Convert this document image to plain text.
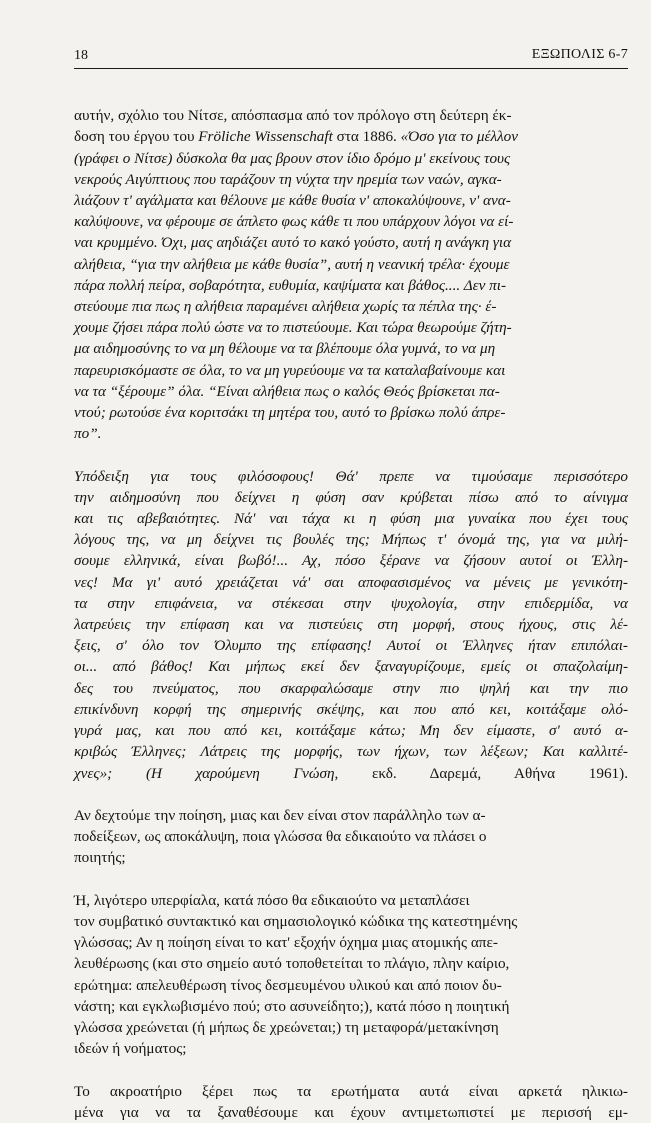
18	ΕΞΩΠΟΛΙΣ 6-7

αυτήν, σχόλιο του Νίτσε, απόσπασμα από τον πρόλογο στη δεύτερη έκ-
δοση του έργου του Fröliche Wissenschaft στα 1886. «Όσο για το μέλλον
(γράφει ο Νίτσε) δύσκολα θα μας βρουν στον ίδιο δρόμο μ' εκείνους τους
νεκρούς Αιγύπτιους που ταράζουν τη νύχτα την ηρεμία των ναών, αγκα-
λιάζουν τ' αγάλματα και θέλουνε με κάθε θυσία ν' αποκαλύψουνε, ν' ανα-
καλύψουνε, να φέρουμε σε άπλετο φως κάθε τι που υπάρχουν λόγοι να εί-
ναι κρυμμένο. Όχι, μας αηδιάζει αυτό το κακό γούστο, αυτή η ανάγκη για
αλήθεια, “για την αλήθεια με κάθε θυσία”, αυτή η νεανική τρέλα· έχουμε
πάρα πολλή πείρα, σοβαρότητα, ευθυμία, καψίματα και βάθος.... Δεν πι-
στεύουμε πια πως η αλήθεια παραμένει αλήθεια χωρίς τα πέπλα της· έ-
χουμε ζήσει πάρα πολύ ώστε να το πιστεύουμε. Και τώρα θεωρούμε ζήτη-
μα αιδημοσύνης το να μη θέλουμε να τα βλέπουμε όλα γυμνά, το να μη
παρευρισκόμαστε σε όλα, το να μη γυρεύουμε να τα καταλαβαίνουμε και
να τα “ξέρουμε” όλα. “Είναι αλήθεια πως ο καλός Θεός βρίσκεται πα-
ντού; ρωτούσε ένα κοριτσάκι τη μητέρα του, αυτό το βρίσκω πολύ άπρε-
πο”.

Υπόδειξη για τους φιλόσοφους! Θά' πρεπε να τιμούσαμε περισσότερο
την αιδημοσύνη που δείχνει η φύση σαν κρύβεται πίσω από το αίνιγμα
και τις αβεβαιότητες. Νά' ναι τάχα κι η φύση μια γυναίκα που έχει τους
λόγους της, να μη δείχνει τις βουλές της; Μήπως τ' όνομά της, για να μιλή-
σουμε ελληνικά, είναι βωβό!... Αχ, πόσο ξέρανε να ζήσουν αυτοί οι Έλλη-
νες! Μα γι' αυτό χρειάζεται νά' σαι αποφασισμένος να μένεις με γενικότη-
τα στην επιφάνεια, να στέκεσαι στην ψυχολογία, στην επιδερμίδα, να
λατρεύεις την επίφαση και να πιστεύεις στη μορφή, στους ήχους, στις λέ-
ξεις, σ' όλο τον Όλυμπο της επίφασης! Αυτοί οι Έλληνες ήταν επιπόλαι-
οι... από βάθος! Και μήπως εκεί δεν ξαναγυρίζουμε, εμείς οι σπαζολαίμη-
δες του πνεύματος, που σκαρφαλώσαμε στην πιο ψηλή και την πιο
επικίνδυνη κορφή της σημερινής σκέψης, και που από κει, κοιτάξαμε ολό-
γυρά μας, και που από κει, κοιτάξαμε κάτω; Μη δεν είμαστε, σ' αυτό α-
κριβώς Έλληνες; Λάτρεις της μορφής, των ήχων, των λέξεων; Και καλλιτέ-
χνες»; (Η χαρούμενη Γνώση, εκδ. Δαρεμά, Αθήνα 1961).

Αν δεχτούμε την ποίηση, μιας και δεν είναι στον παράλληλο των α-
ποδείξεων, ως αποκάλυψη, ποια γλώσσα θα εδικαιούτο να πλάσει ο
ποιητής;

Ή, λιγότερο υπερφίαλα, κατά πόσο θα εδικαιούτο να μεταπλάσει
τον συμβατικό συντακτικό και σημασιολογικό κώδικα της κατεστημένης
γλώσσας; Αν η ποίηση είναι το κατ' εξοχήν όχημα μιας ατομικής απε-
λευθέρωσης (και στο σημείο αυτό τοποθετείται το πλάγιο, πλην καίριο,
ερώτημα: απελευθέρωση τίνος δεσμευμένου υλικού και από ποιον δυ-
νάστη; και εγκλωβισμένο πού; στο ασυνείδητο;), κατά πόσο η ποιητική
γλώσσα χρεώνεται (ή μήπως δε χρεώνεται;) τη μεταφορά/μετακίνηση
ιδεών ή νοήματος;

Το ακροατήριο ξέρει πως τα ερωτήματα αυτά είναι αρκετά ηλικιω-
μένα για να τα ξαναθέσουμε και έχουν αντιμετωπιστεί με περισσή εμ-
